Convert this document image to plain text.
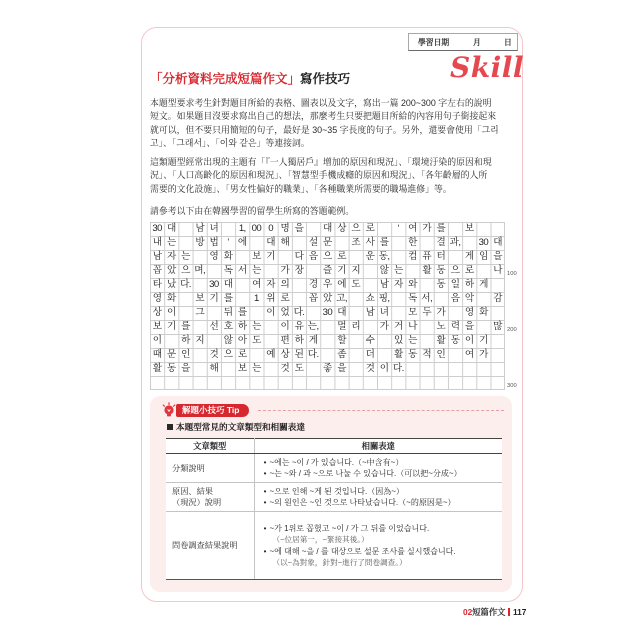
學習日期	月	日
「分析資料完成短篇作文」寫作技巧	Skill
本題型要求考生針對題目所給的表格、圖表以及文字，寫出一篇 200~300 字左右的說明
短文。如果題目沒要求寫出自己的想法，那麼考生只要把題目所給的內容用句子銜接起來
就可以，但不要只用簡短的句子，最好是 30~35 字長度的句子。另外，還要會使用「그리
고」、「그래서」、「이와 같은」等連接詞。
這類題型經常出現的主題有「『一人獨居戶』增加的原因和現況」、「環境汙染的原因和現
況」、「人口高齡化的原因和現況」、「智慧型手機成癮的原因和現況」、「各年齡層的人所
需要的文化設施」、「男女性偏好的職業」、「各種職業所需要的職場進修」等。
請參考以下由在韓國學習的留學生所寫的答題範例。
30 대
남 녀
	1, 00 0 명 을
대 상 으 로
	‘ 여 가 를
보
내 는
방 법 ’ 에
대 해
설 문
조 사 를
한
결 과,
30 대
남 자 는
영 화
보 기
다 음 으 로
운 동,
컴 퓨 터
게 임 을
꼽 았 으 며,
독 서 는
가 장
즐 기 지
않 는
활 동 으 로
나
타 났 다.
30 대
여 자 의
경 우 에 도
남 자 와
동 일 하 게
영 화
보 기 를
	1 위 로
꼽 았 고,
쇼 핑,
독 서,
음 악
감
상 이
그
뒤 를
이 었 다.
30 대
남 녀
모 두 가
영 화
보 기 를
선 호 하 는
이 유 는,
멀 리
가 거 나
노 력 을
많
이
하 지
않 아 도
편 하 게
할
수
있 는
활 동 이 기
때 문 인
것 으 로
예 상 된 다.
좀
더
활 동 적 인
여 가
활 동 을
해
보 는
것 도
좋 을
것 이 다.
100
200
300
解題小技巧 Tip
本題型常見的文章類型和相關表達
文章類型	相關表達

分類說明	• ~에는 ~이 / 가 있습니다.（~中含有~）
• ~는 ~와 / 과 ~으로 나눌 수 있습니다.（可以把~分成~）

原因、結果
（現況）說明	• ~으로 인해 ~게 된 것입니다.（因為~）
• ~의 원인은 ~인 것으로 나타났습니다.（~的原因是~）

問卷調查結果說明	• ~가 1위로 꼽혔고 ~이 / 가 그 뒤를 이었습니다.
（~位居第一，~緊接其後。）
• ~에 대해 ~을 / 를 대상으로 설문 조사를 실시했습니다.
（以~為對象，針對~進行了問卷調查。）
02短篇作文 117
